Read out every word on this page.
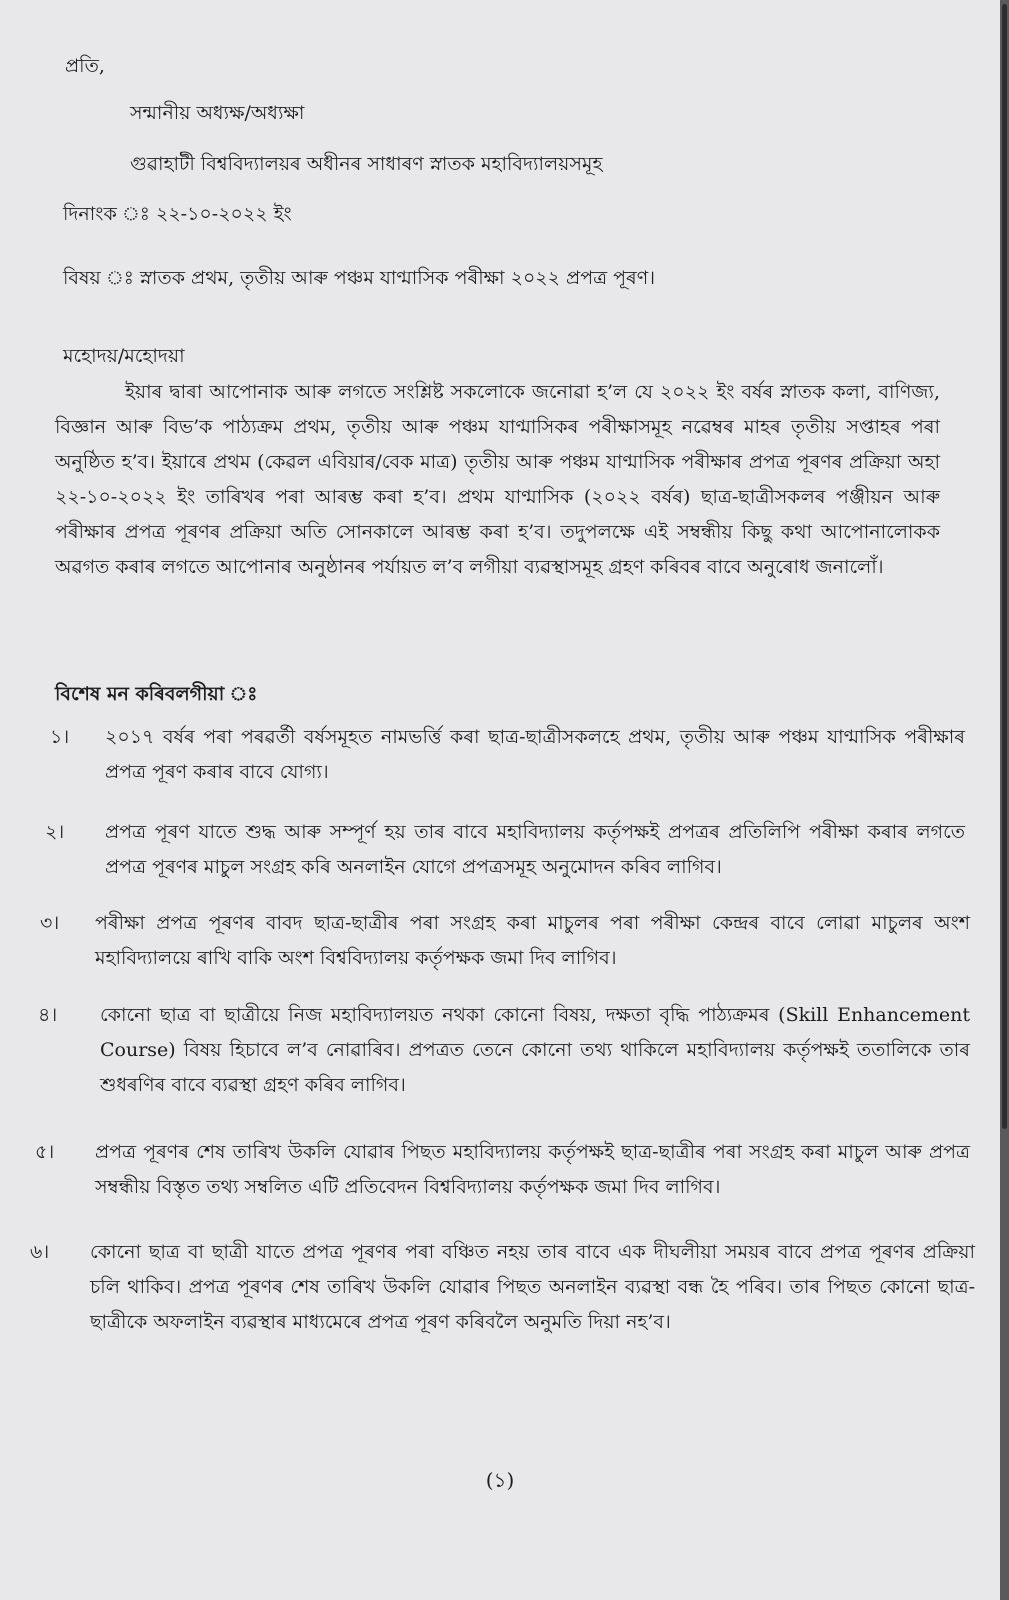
প্ৰতি,
সন্মানীয় অধ্যক্ষ/অধ্যক্ষা
গুৱাহাটী বিশ্ববিদ্যালয়ৰ অধীনৰ সাধাৰণ স্নাতক মহাবিদ্যালয়সমূহ
দিনাংক ঃ ২২-১০-২০২২ ইং
বিষয় ঃ স্নাতক প্ৰথম, তৃতীয় আৰু পঞ্চম যাণ্মাসিক পৰীক্ষা ২০২২ প্ৰপত্ৰ পূৰণ।
মহোদয়/মহোদয়া
ইয়াৰ দ্বাৰা আপোনাক আৰু লগতে সংশ্লিষ্ট সকলোকে জনোৱা হ’ল যে ২০২২ ইং বৰ্ষৰ স্নাতক কলা, বাণিজ্য, বিজ্ঞান আৰু বিভ’ক পাঠ্যক্ৰম প্ৰথম, তৃতীয় আৰু পঞ্চম যাণ্মাসিকৰ পৰীক্ষাসমূহ নৱেম্বৰ মাহৰ তৃতীয় সপ্তাহৰ পৰা অনুষ্ঠিত হ’ব। ইয়াৰে প্ৰথম (কেৱল এবিয়াৰ/বেক মাত্ৰ) তৃতীয় আৰু পঞ্চম যাণ্মাসিক পৰীক্ষাৰ প্ৰপত্ৰ পূৰণৰ প্ৰক্ৰিয়া অহা ২২-১০-২০২২ ইং তাৰিখৰ পৰা আৰম্ভ কৰা হ’ব। প্ৰথম যাণ্মাসিক (২০২২ বৰ্ষৰ) ছাত্ৰ-ছাত্ৰীসকলৰ পঞ্জীয়ন আৰু পৰীক্ষাৰ প্ৰপত্ৰ পূৰণৰ প্ৰক্ৰিয়া অতি সোনকালে আৰম্ভ কৰা হ’ব। তদুপলক্ষে এই সম্বন্ধীয় কিছু কথা আপোনালোকক অৱগত কৰাৰ লগতে আপোনাৰ অনুষ্ঠানৰ পৰ্যায়ত ল’ব লগীয়া ব্যৱস্থাসমূহ গ্ৰহণ কৰিবৰ বাবে অনুৰোধ জনালোঁ।
বিশেষ মন কৰিবলগীয়া ঃ
১।	২০১৭ বৰ্ষৰ পৰা পৰৱৰ্তী বৰ্ষসমূহত নামভৰ্ত্তি কৰা ছাত্ৰ-ছাত্ৰীসকলহে প্ৰথম, তৃতীয় আৰু পঞ্চম যাণ্মাসিক পৰীক্ষাৰ প্ৰপত্ৰ পূৰণ কৰাৰ বাবে যোগ্য।
২।	প্ৰপত্ৰ পূৰণ যাতে শুদ্ধ আৰু সম্পূৰ্ণ হয় তাৰ বাবে মহাবিদ্যালয় কৰ্তৃপক্ষই প্ৰপত্ৰৰ প্ৰতিলিপি পৰীক্ষা কৰাৰ লগতে প্ৰপত্ৰ পূৰণৰ মাচুল সংগ্ৰহ কৰি অনলাইন যোগে প্ৰপত্ৰসমূহ অনুমোদন কৰিব লাগিব।
৩।	পৰীক্ষা প্ৰপত্ৰ পূৰণৰ বাবদ ছাত্ৰ-ছাত্ৰীৰ পৰা সংগ্ৰহ কৰা মাচুলৰ পৰা পৰীক্ষা কেন্দ্ৰৰ বাবে লোৱা মাচুলৰ অংশ মহাবিদ্যালয়ে ৰাখি বাকি অংশ বিশ্ববিদ্যালয় কৰ্তৃপক্ষক জমা দিব লাগিব।
৪।	কোনো ছাত্ৰ বা ছাত্ৰীয়ে নিজ মহাবিদ্যালয়ত নথকা কোনো বিষয়, দক্ষতা বৃদ্ধি পাঠ্যক্ৰমৰ (Skill Enhancement Course) বিষয় হিচাবে ল’ব নোৱাৰিব। প্ৰপত্ৰত তেনে কোনো তথ্য থাকিলে মহাবিদ্যালয় কৰ্তৃপক্ষই ততালিকে তাৰ শুধৰণিৰ বাবে ব্যৱস্থা গ্ৰহণ কৰিব লাগিব।
৫।	প্ৰপত্ৰ পূৰণৰ শেষ তাৰিখ উকলি যোৱাৰ পিছত মহাবিদ্যালয় কৰ্তৃপক্ষই ছাত্ৰ-ছাত্ৰীৰ পৰা সংগ্ৰহ কৰা মাচুল আৰু প্ৰপত্ৰ সম্বন্ধীয় বিস্তৃত তথ্য সম্বলিত এটি প্ৰতিবেদন বিশ্ববিদ্যালয় কৰ্তৃপক্ষক জমা দিব লাগিব।
৬।	কোনো ছাত্ৰ বা ছাত্ৰী যাতে প্ৰপত্ৰ পূৰণৰ পৰা বঞ্চিত নহয় তাৰ বাবে এক দীঘলীয়া সময়ৰ বাবে প্ৰপত্ৰ পূৰণৰ প্ৰক্ৰিয়া চলি থাকিব। প্ৰপত্ৰ পূৰণৰ শেষ তাৰিখ উকলি যোৱাৰ পিছত অনলাইন ব্যৱস্থা বন্ধ হৈ পৰিব। তাৰ পিছত কোনো ছাত্ৰ-ছাত্ৰীকে অফলাইন ব্যৱস্থাৰ মাধ্যমেৰে প্ৰপত্ৰ পূৰণ কৰিবলৈ অনুমতি দিয়া নহ’ব।
(১)
